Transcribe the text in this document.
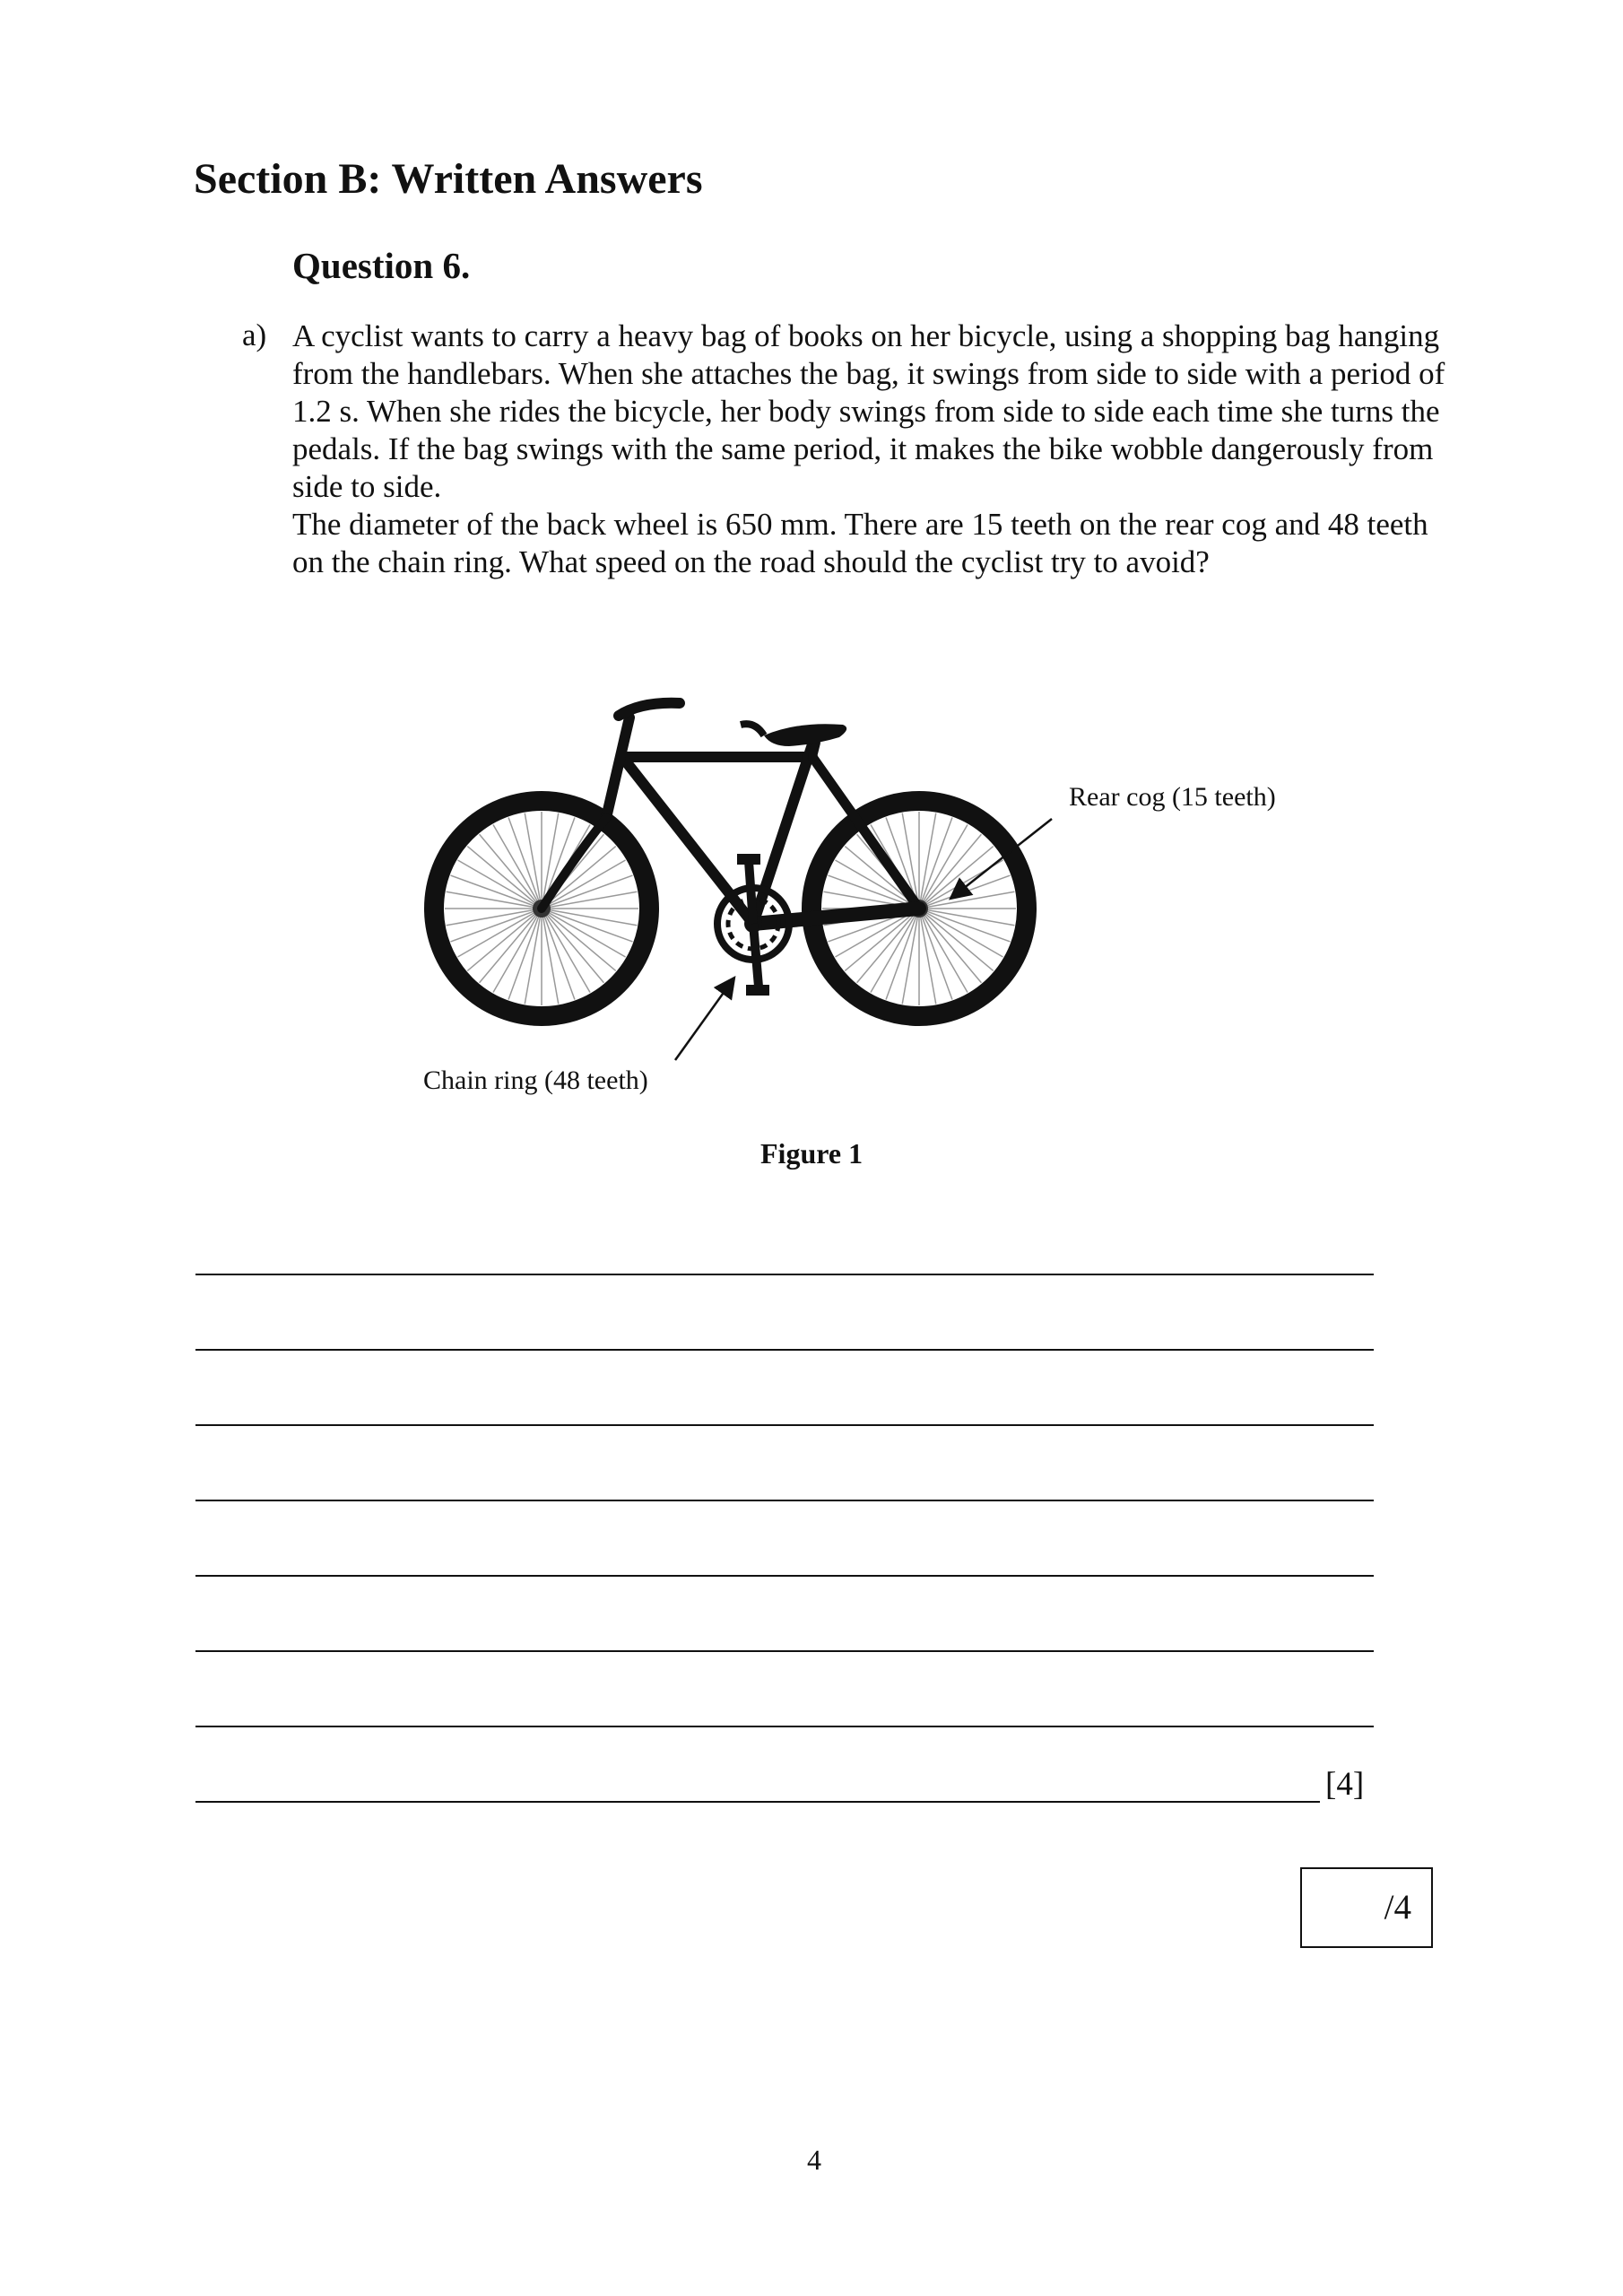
Section B: Written Answers
Question 6.
a) A cyclist wants to carry a heavy bag of books on her bicycle, using a shopping bag hanging from the handlebars. When she attaches the bag, it swings from side to side with a period of 1.2 s. When she rides the bicycle, her body swings from side to side each time she turns the pedals. If the bag swings with the same period, it makes the bike wobble dangerously from side to side.

The diameter of the back wheel is 650 mm. There are 15 teeth on the rear cog and 48 teeth on the chain ring. What speed on the road should the cyclist try to avoid?

Rear cog (15 teeth)
Chain ring (48 teeth)
Figure 1
[4]
/4
4
